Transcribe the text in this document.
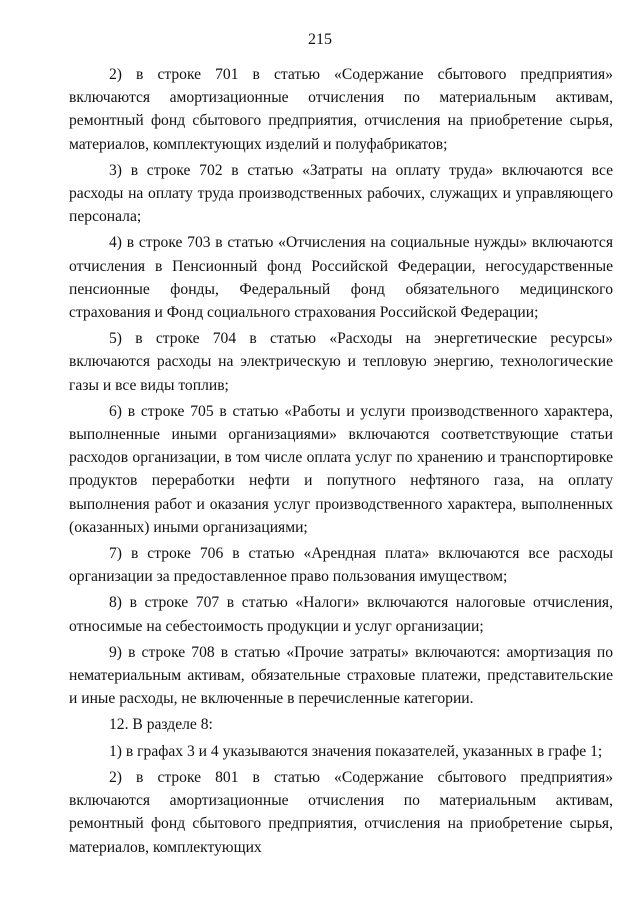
215

2) в строке 701 в статью «Содержание сбытового предприятия» включаются амортизационные отчисления по материальным активам, ремонтный фонд сбытового предприятия, отчисления на приобретение сырья, материалов, комплектующих изделий и полуфабрикатов;

3) в строке 702 в статью «Затраты на оплату труда» включаются все расходы на оплату труда производственных рабочих, служащих и управляющего персонала;

4) в строке 703 в статью «Отчисления на социальные нужды» включаются отчисления в Пенсионный фонд Российской Федерации, негосударственные пенсионные фонды, Федеральный фонд обязательного медицинского страхования и Фонд социального страхования Российской Федерации;

5) в строке 704 в статью «Расходы на энергетические ресурсы» включаются расходы на электрическую и тепловую энергию, технологические газы и все виды топлив;

6) в строке 705 в статью «Работы и услуги производственного характера, выполненные иными организациями» включаются соответствующие статьи расходов организации, в том числе оплата услуг по хранению и транспортировке продуктов переработки нефти и попутного нефтяного газа, на оплату выполнения работ и оказания услуг производственного характера, выполненных (оказанных) иными организациями;

7) в строке 706 в статью «Арендная плата» включаются все расходы организации за предоставленное право пользования имуществом;

8) в строке 707 в статью «Налоги» включаются налоговые отчисления, относимые на себестоимость продукции и услуг организации;

9) в строке 708 в статью «Прочие затраты» включаются: амортизация по нематериальным активам, обязательные страховые платежи, представительские и иные расходы, не включенные в перечисленные категории.

12. В разделе 8:

1) в графах 3 и 4 указываются значения показателей, указанных в графе 1;

2) в строке 801 в статью «Содержание сбытового предприятия» включаются амортизационные отчисления по материальным активам, ремонтный фонд сбытового предприятия, отчисления на приобретение сырья, материалов, комплектующих
